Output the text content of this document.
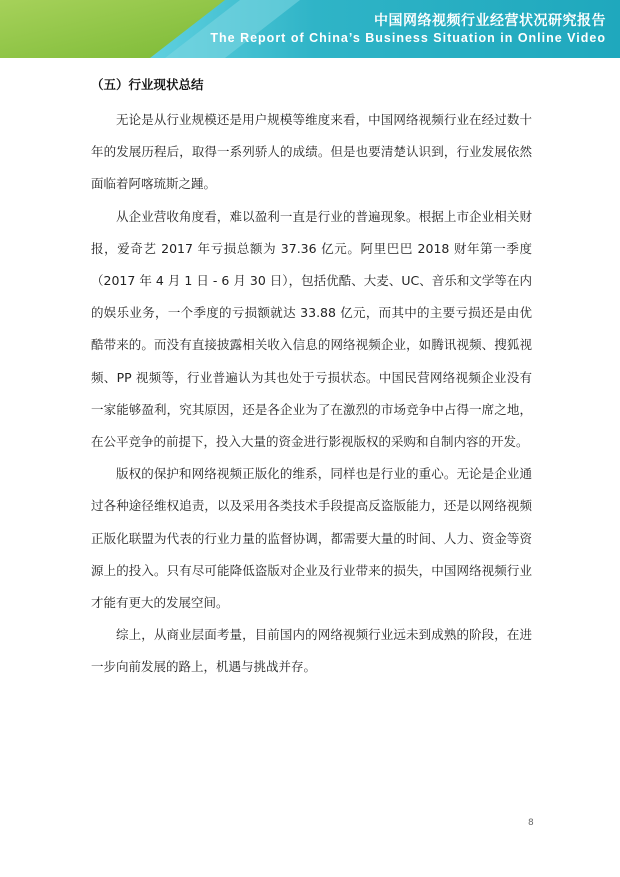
中国网络视频行业经营状况研究报告
The Report of China’s Business Situation in Online Video

（五）行业现状总结

无论是从行业规模还是用户规模等维度来看，中国网络视频行业在经过数十年的发展历程后，取得一系列骄人的成绩。但是也要清楚认识到，行业发展依然面临着阿喀琉斯之踵。

从企业营收角度看，难以盈利一直是行业的普遍现象。根据上市企业相关财报，爱奇艺 2017 年亏损总额为 37.36 亿元。阿里巴巴 2018 财年第一季度（2017 年 4 月 1 日 - 6 月 30 日），包括优酷、大麦、UC、音乐和文学等在内的娱乐业务，一个季度的亏损额就达 33.88 亿元，而其中的主要亏损还是由优酷带来的。而没有直接披露相关收入信息的网络视频企业，如腾讯视频、搜狐视频、PP 视频等，行业普遍认为其也处于亏损状态。中国民营网络视频企业没有一家能够盈利，究其原因，还是各企业为了在激烈的市场竞争中占得一席之地，在公平竞争的前提下，投入大量的资金进行影视版权的采购和自制内容的开发。

版权的保护和网络视频正版化的维系，同样也是行业的重心。无论是企业通过各种途径维权追责，以及采用各类技术手段提高反盗版能力，还是以网络视频正版化联盟为代表的行业力量的监督协调，都需要大量的时间、人力、资金等资源上的投入。只有尽可能降低盗版对企业及行业带来的损失，中国网络视频行业才能有更大的发展空间。

综上，从商业层面考量，目前国内的网络视频行业远未到成熟的阶段，在进一步向前发展的路上，机遇与挑战并存。

8
